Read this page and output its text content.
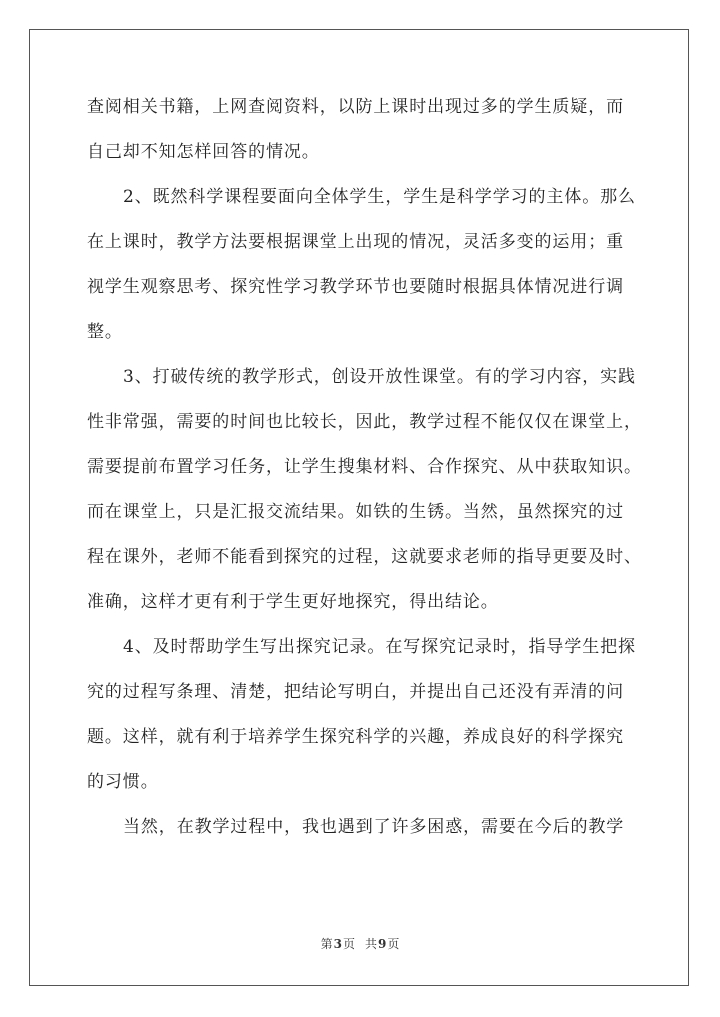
查阅相关书籍，上网查阅资料，以防上课时出现过多的学生质疑，而
自己却不知怎样回答的情况。
2、既然科学课程要面向全体学生，学生是科学学习的主体。那么
在上课时，教学方法要根据课堂上出现的情况，灵活多变的运用；重
视学生观察思考、探究性学习教学环节也要随时根据具体情况进行调
整。
3、打破传统的教学形式，创设开放性课堂。有的学习内容，实践
性非常强，需要的时间也比较长，因此，教学过程不能仅仅在课堂上，
需要提前布置学习任务，让学生搜集材料、合作探究、从中获取知识。
而在课堂上，只是汇报交流结果。如铁的生锈。当然，虽然探究的过
程在课外，老师不能看到探究的过程，这就要求老师的指导更要及时、
准确，这样才更有利于学生更好地探究，得出结论。
4、及时帮助学生写出探究记录。在写探究记录时，指导学生把探
究的过程写条理、清楚，把结论写明白，并提出自己还没有弄清的问
题。这样，就有利于培养学生探究科学的兴趣，养成良好的科学探究
的习惯。
当然，在教学过程中，我也遇到了许多困惑，需要在今后的教学
第3页 共9页
